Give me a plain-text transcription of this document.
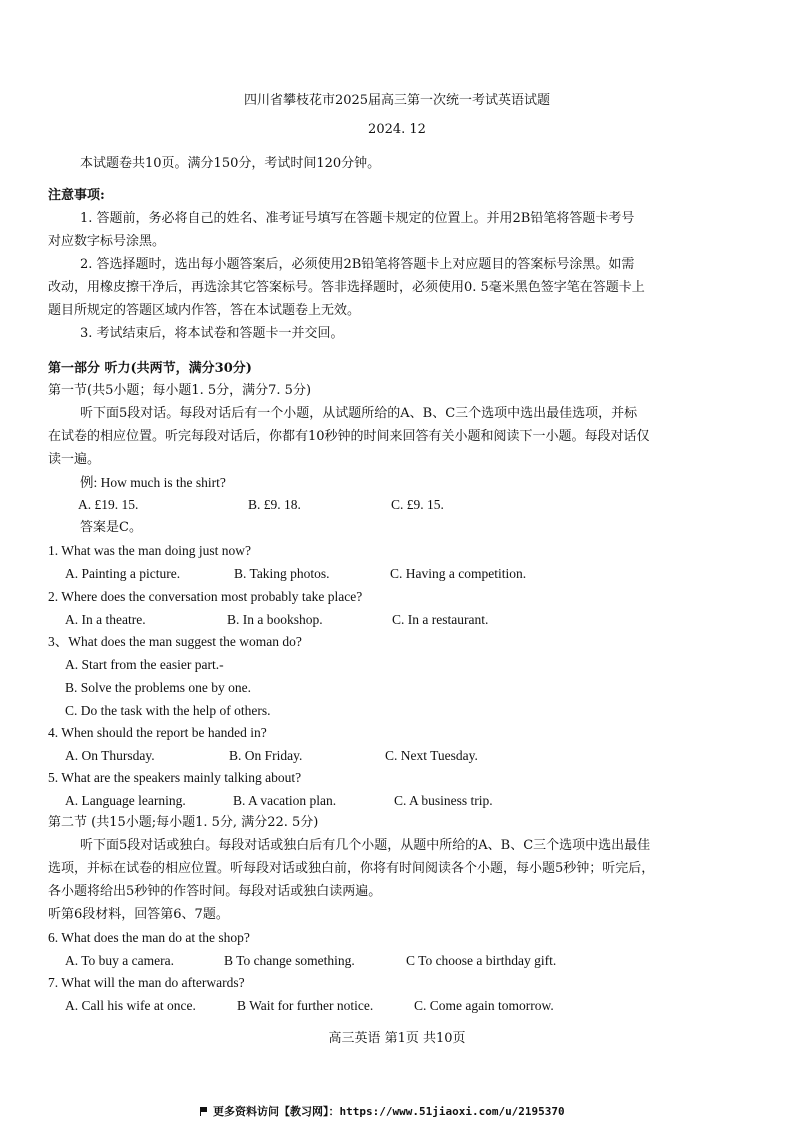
四川省攀枝花市2025届高三第一次统一考试英语试题
2024. 12
本试题卷共10页。满分150分，考试时间120分钟。
注意事项:
1. 答题前，务必将自己的姓名、准考证号填写在答题卡规定的位置上。并用2B铅笔将答题卡考号
对应数字标号涂黑。
2. 答选择题时，选出每小题答案后，必须使用2B铅笔将答题卡上对应题目的答案标号涂黑。如需
改动，用橡皮擦干净后，再选涂其它答案标号。答非选择题时，必须使用0. 5毫米黑色签字笔在答题卡上
题目所规定的答题区域内作答，答在本试题卷上无效。
3. 考试结束后，将本试卷和答题卡一并交回。
第一部分 听力(共两节，满分30分)
第一节(共5小题；每小题1. 5分，满分7. 5分)
听下面5段对话。每段对话后有一个小题，从试题所给的A、B、C三个选项中选出最佳选项，并标
在试卷的相应位置。听完每段对话后，你都有10秒钟的时间来回答有关小题和阅读下一小题。每段对话仅
读一遍。
例: How much is the shirt?
A. £19. 15.	B. £9. 18.	C. £9. 15.
答案是C。
1. What was the man doing just now?
A. Painting a picture.	B. Taking photos.	C. Having a competition.
2. Where does the conversation most probably take place?
A. In a theatre.	B. In a bookshop.	C. In a restaurant.
3、What does the man suggest the woman do?
A. Start from the easier part.-
B. Solve the problems one by one.
C. Do the task with the help of others.
4. When should the report be handed in?
A. On Thursday.	B. On Friday.	C. Next Tuesday.
5. What are the speakers mainly talking about?
A. Language learning.	B. A vacation plan.	C. A business trip.
第二节 (共15小题;每小题1. 5分, 满分22. 5分)
听下面5段对话或独白。每段对话或独白后有几个小题，从题中所给的A、B、C三个选项中选出最佳
选项，并标在试卷的相应位置。听每段对话或独白前，你将有时间阅读各个小题，每小题5秒钟；听完后，
各小题将给出5秒钟的作答时间。每段对话或独白读两遍。
听第6段材料，回答第6、7题。
6. What does the man do at the shop?
A. To buy a camera.	B To change something.	C To choose a birthday gift.
7. What will the man do afterwards?
A. Call his wife at once.	B Wait for further notice.	C. Come again tomorrow.
高三英语 第1页 共10页
更多资料访问【教习网】：https://www.51jiaoxi.com/u/2195370
